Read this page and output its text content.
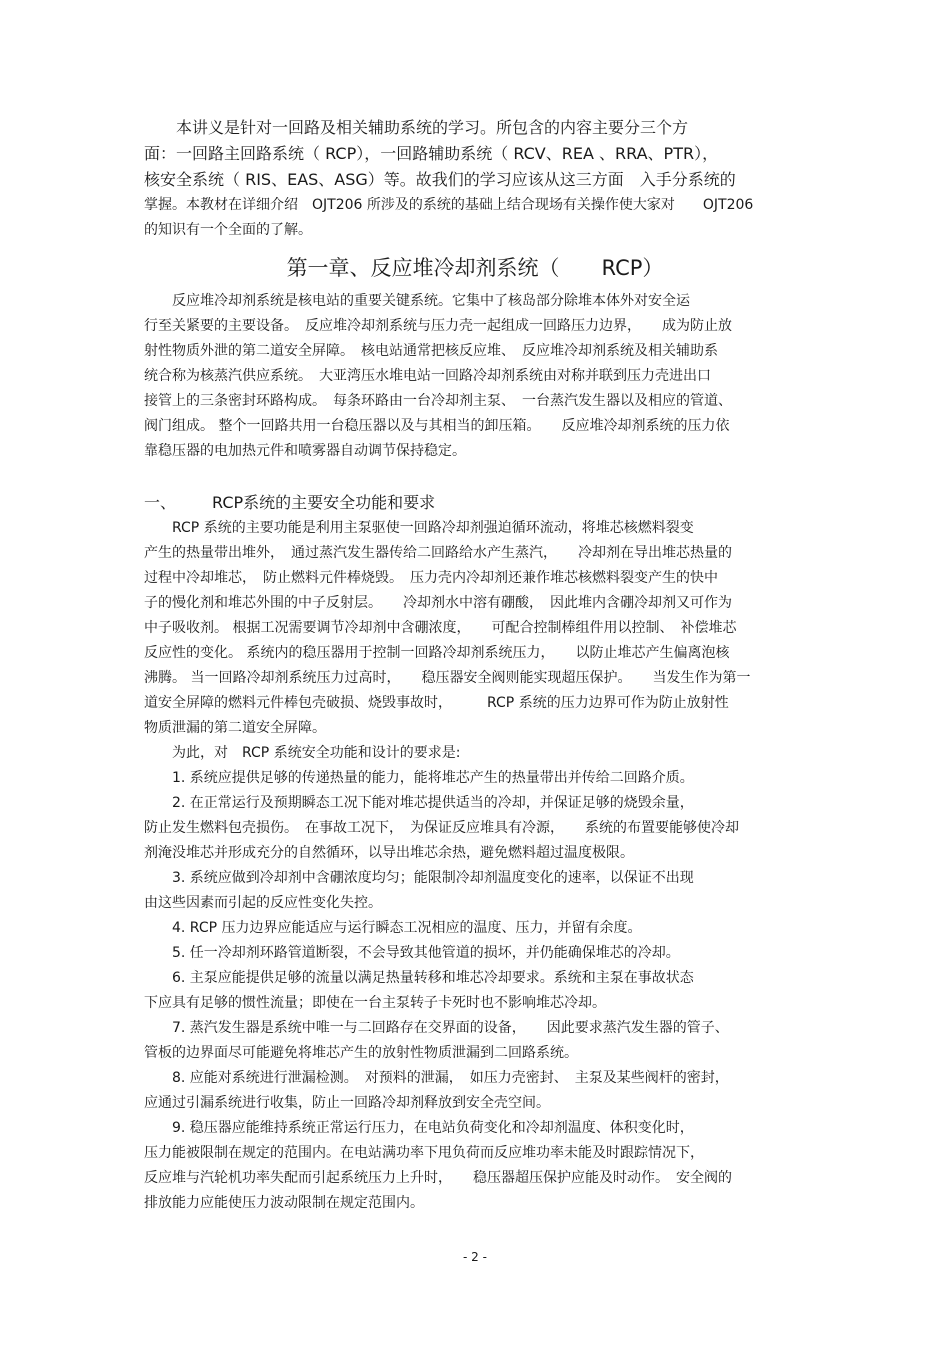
　　本讲义是针对一回路及相关辅助系统的学习。所包含的内容主要分三个方
面：一回路主回路系统（ RCP），一回路辅助系统（ RCV、REA 、RRA、PTR），
核安全系统（ RIS、EAS、ASG）等。故我们的学习应该从这三方面　入手分系统的
掌握。本教材在详细介绍　OJT206 所涉及的系统的基础上结合现场有关操作使大家对　　OJT206
的知识有一个全面的了解。
第一章、反应堆冷却剂系统（　　RCP）
　　反应堆冷却剂系统是核电站的重要关键系统。它集中了核岛部分除堆本体外对安全运
行至关紧要的主要设备。　反应堆冷却剂系统与压力壳一起组成一回路压力边界，　　成为防止放
射性物质外泄的第二道安全屏障。　核电站通常把核反应堆、　反应堆冷却剂系统及相关辅助系
统合称为核蒸汽供应系统。　大亚湾压水堆电站一回路冷却剂系统由对称并联到压力壳进出口
接管上的三条密封环路构成。　每条环路由一台冷却剂主泵、　一台蒸汽发生器以及相应的管道、
阀门组成。 整个一回路共用一台稳压器以及与其相当的卸压箱。　　反应堆冷却剂系统的压力依
靠稳压器的电加热元件和喷雾器自动调节保持稳定。
一、 RCP系统的主要安全功能和要求
　　RCP 系统的主要功能是利用主泵驱使一回路冷却剂强迫循环流动，将堆芯核燃料裂变
产生的热量带出堆外，　通过蒸汽发生器传给二回路给水产生蒸汽，　　冷却剂在导出堆芯热量的
过程中冷却堆芯，　防止燃料元件棒烧毁。　压力壳内冷却剂还兼作堆芯核燃料裂变产生的快中
子的慢化剂和堆芯外围的中子反射层。　　冷却剂水中溶有硼酸，　因此堆内含硼冷却剂又可作为
中子吸收剂。 根据工况需要调节冷却剂中含硼浓度，　　可配合控制棒组件用以控制、　补偿堆芯
反应性的变化。 系统内的稳压器用于控制一回路冷却剂系统压力，　　以防止堆芯产生偏离泡核
沸腾。 当一回路冷却剂系统压力过高时，　　稳压器安全阀则能实现超压保护。　　当发生作为第一
道安全屏障的燃料元件棒包壳破损、烧毁事故时，　　　RCP 系统的压力边界可作为防止放射性
物质泄漏的第二道安全屏障。
　　为此，对　RCP 系统安全功能和设计的要求是:
　　1. 系统应提供足够的传递热量的能力，能将堆芯产生的热量带出并传给二回路介质。
　　2. 在正常运行及预期瞬态工况下能对堆芯提供适当的冷却，并保证足够的烧毁余量，
防止发生燃料包壳损伤。　在事故工况下，　为保证反应堆具有冷源，　　系统的布置要能够使冷却
剂淹没堆芯并形成充分的自然循环，以导出堆芯余热，避免燃料超过温度极限。
　　3. 系统应做到冷却剂中含硼浓度均匀；能限制冷却剂温度变化的速率，以保证不出现
由这些因素而引起的反应性变化失控。
　　4. RCP 压力边界应能适应与运行瞬态工况相应的温度、压力，并留有余度。
　　5. 任一冷却剂环路管道断裂，不会导致其他管道的损坏，并仍能确保堆芯的冷却。
　　6. 主泵应能提供足够的流量以满足热量转移和堆芯冷却要求。系统和主泵在事故状态
下应具有足够的惯性流量；即使在一台主泵转子卡死时也不影响堆芯冷却。
　　7. 蒸汽发生器是系统中唯一与二回路存在交界面的设备，　　因此要求蒸汽发生器的管子、
管板的边界面尽可能避免将堆芯产生的放射性物质泄漏到二回路系统。
　　8. 应能对系统进行泄漏检测。　对预料的泄漏，　如压力壳密封、　主泵及某些阀杆的密封，
应通过引漏系统进行收集，防止一回路冷却剂释放到安全壳空间。
　　9. 稳压器应能维持系统正常运行压力，在电站负荷变化和冷却剂温度、体积变化时，
压力能被限制在规定的范围内。在电站满功率下甩负荷而反应堆功率未能及时跟踪情况下，
反应堆与汽轮机功率失配而引起系统压力上升时，　　稳压器超压保护应能及时动作。　安全阀的
排放能力应能使压力波动限制在规定范围内。
- 2 -
